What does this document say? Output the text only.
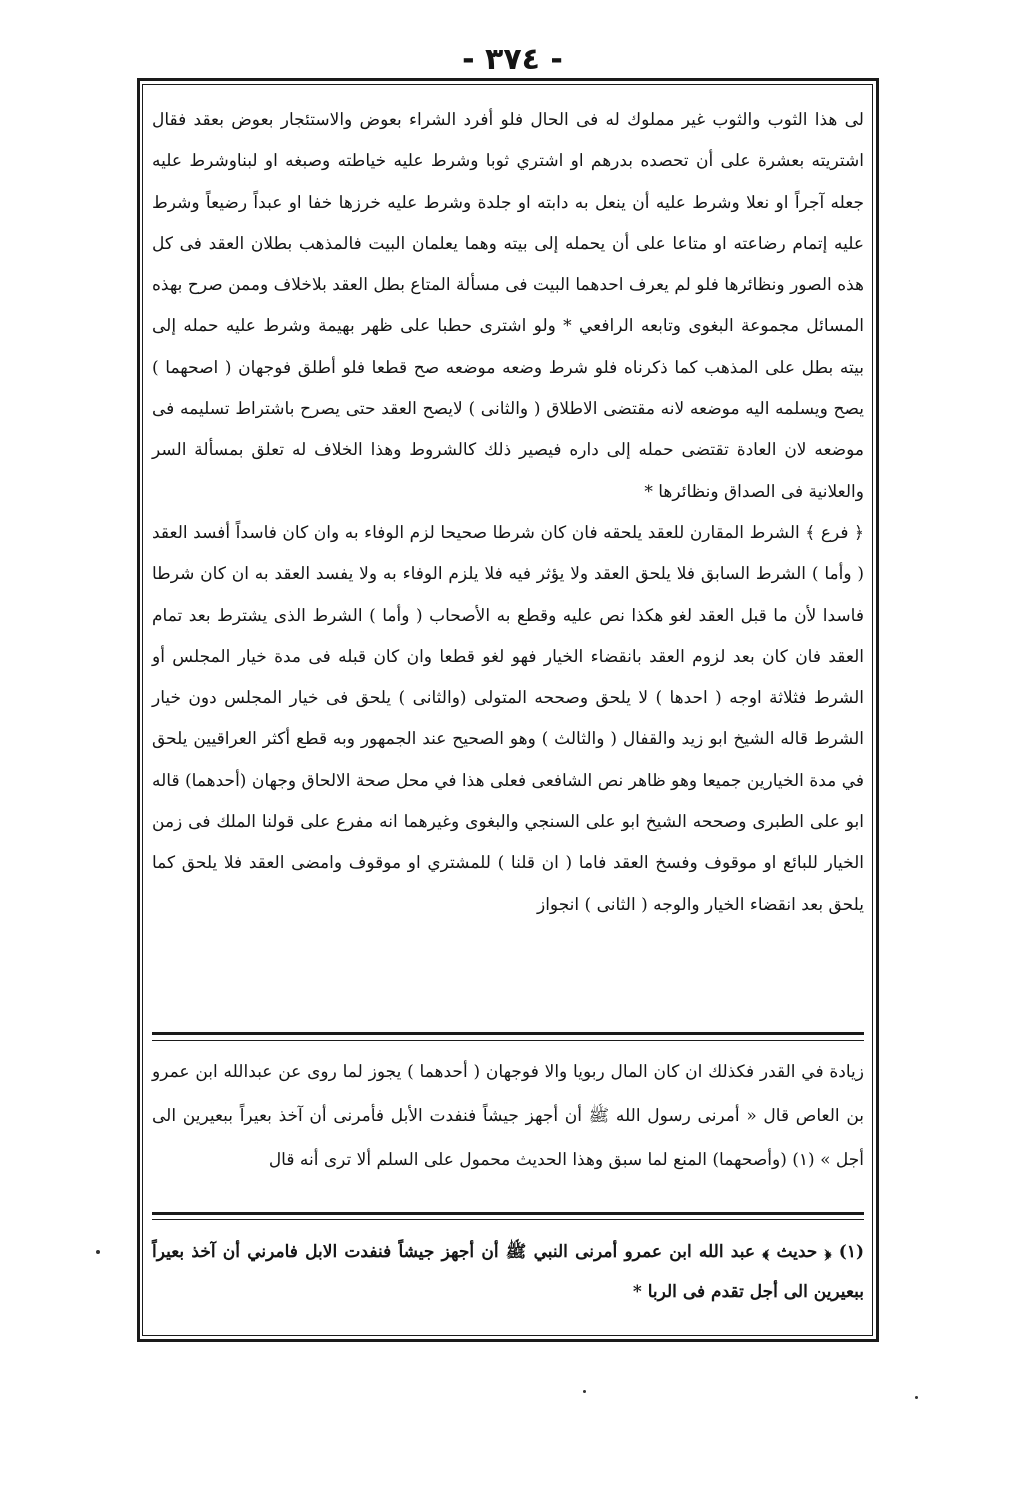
- ٣٧٤ -

لى هذا الثوب والثوب غير مملوك له فى الحال فلو أفرد الشراء بعوض والاستئجار بعوض بعقد فقال اشتريته بعشرة على أن تحصده بدرهم او اشتري ثوبا وشرط عليه خياطته وصبغه او لبناوشرط عليه جعله آجراً او نعلا وشرط عليه أن ينعل به دابته او جلدة وشرط عليه خرزها خفا او عبداً رضيعاً وشرط عليه إتمام رضاعته او متاعا على أن يحمله إلى بيته وهما يعلمان البيت فالمذهب بطلان العقد فى كل هذه الصور ونظائرها فلو لم يعرف احدهما البيت فى مسألة المتاع بطل العقد بلاخلاف وممن صرح بهذه المسائل مجموعة البغوى وتابعه الرافعي * ولو اشترى حطبا على ظهر بهيمة وشرط عليه حمله إلى بيته بطل على المذهب كما ذكرناه فلو شرط وضعه موضعه صح قطعا فلو أطلق فوجهان ( اصحهما ) يصح ويسلمه اليه موضعه لانه مقتضى الاطلاق ( والثانى ) لايصح العقد حتى يصرح باشتراط تسليمه فى موضعه لان العادة تقتضى حمله إلى داره فيصير ذلك كالشروط وهذا الخلاف له تعلق بمسألة السر والعلانية فى الصداق ونظائرها *

﴿ فرع ﴾ الشرط المقارن للعقد يلحقه فان كان شرطا صحيحا لزم الوفاء به وان كان فاسداً أفسد العقد ( وأما ) الشرط السابق فلا يلحق العقد ولا يؤثر فيه فلا يلزم الوفاء به ولا يفسد العقد به ان كان شرطا فاسدا لأن ما قبل العقد لغو هكذا نص عليه وقطع به الأصحاب ( وأما ) الشرط الذى يشترط بعد تمام العقد فان كان بعد لزوم العقد بانقضاء الخيار فهو لغو قطعا وان كان قبله فى مدة خيار المجلس أو الشرط فثلاثة اوجه ( احدها ) لا يلحق وصححه المتولى (والثانى ) يلحق فى خيار المجلس دون خيار الشرط قاله الشيخ ابو زيد والقفال ( والثالث ) وهو الصحيح عند الجمهور وبه قطع أكثر العراقيين يلحق في مدة الخيارين جميعا وهو ظاهر نص الشافعى فعلى هذا في محل صحة الالحاق وجهان (أحدهما) قاله ابو على الطبرى وصححه الشيخ ابو على السنجي والبغوى وغيرهما انه مفرع على قولنا الملك فى زمن الخيار للبائع او موقوف وفسخ العقد فاما ( ان قلنا ) للمشتري او موقوف وامضى العقد فلا يلحق كما يلحق بعد انقضاء الخيار والوجه ( الثانى ) انجواز

زيادة في القدر فكذلك ان كان المال ربويا والا فوجهان ( أحدهما ) يجوز لما روى عن عبدالله ابن عمرو بن العاص قال « أمرنى رسول الله ﷺ أن أجهز جيشاً فنفدت الأبل فأمرنى أن آخذ بعيراً ببعيرين الى أجل » (١) (وأصحهما) المنع لما سبق وهذا الحديث محمول على السلم ألا ترى أنه قال

(١) ﴿ حديث ﴾ عبد الله ابن عمرو أمرنى النبي ﷺ أن أجهز جيشاً فنفدت الابل فامرني أن آخذ بعيراً ببعيرين الى أجل تقدم فى الربا *
